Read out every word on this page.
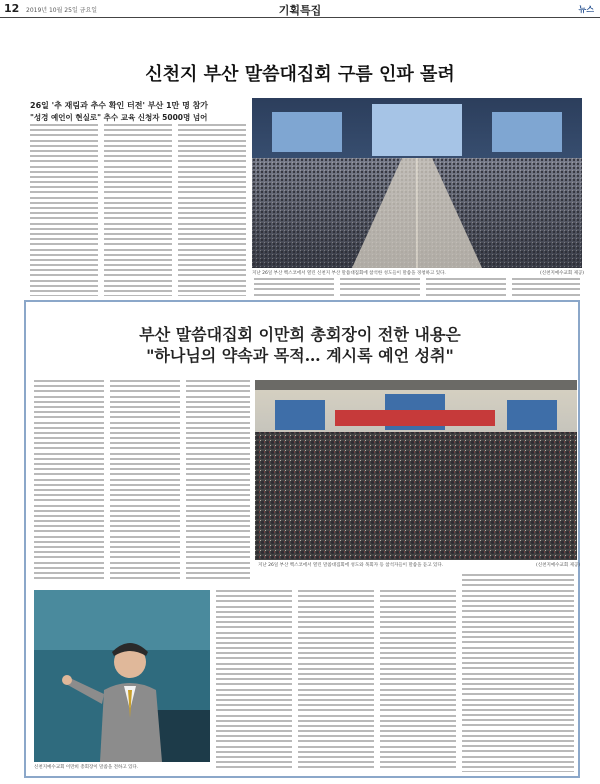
12 2019년 10월 25일 금요일	기획특집	뉴스
신천지 부산 말씀대집회 구름 인파 몰려
26일 '추 재림과 추수 확인 터전' 부산 1만 명 참가
"성경 예언이 현실로" 추수 교육 신청자 5000명 넘어
지난 26일 부산 벡스코에서 열린 신천지 부산 말씀대집회에 참석한 성도들이 말씀을 경청하고 있다.	(신천지예수교회 제공)
부산 말씀대집회 이만희 총회장이 전한 내용은
"하나님의 약속과 목적… 계시록 예언 성취"
지난 26일 부산 벡스코에서 열린 말씀대집회에 성도와 목회자 등 참석자들이 말씀을 듣고 있다.	(신천지예수교회 제공)
신천지예수교회 이만희 총회장이 말씀을 전하고 있다.
